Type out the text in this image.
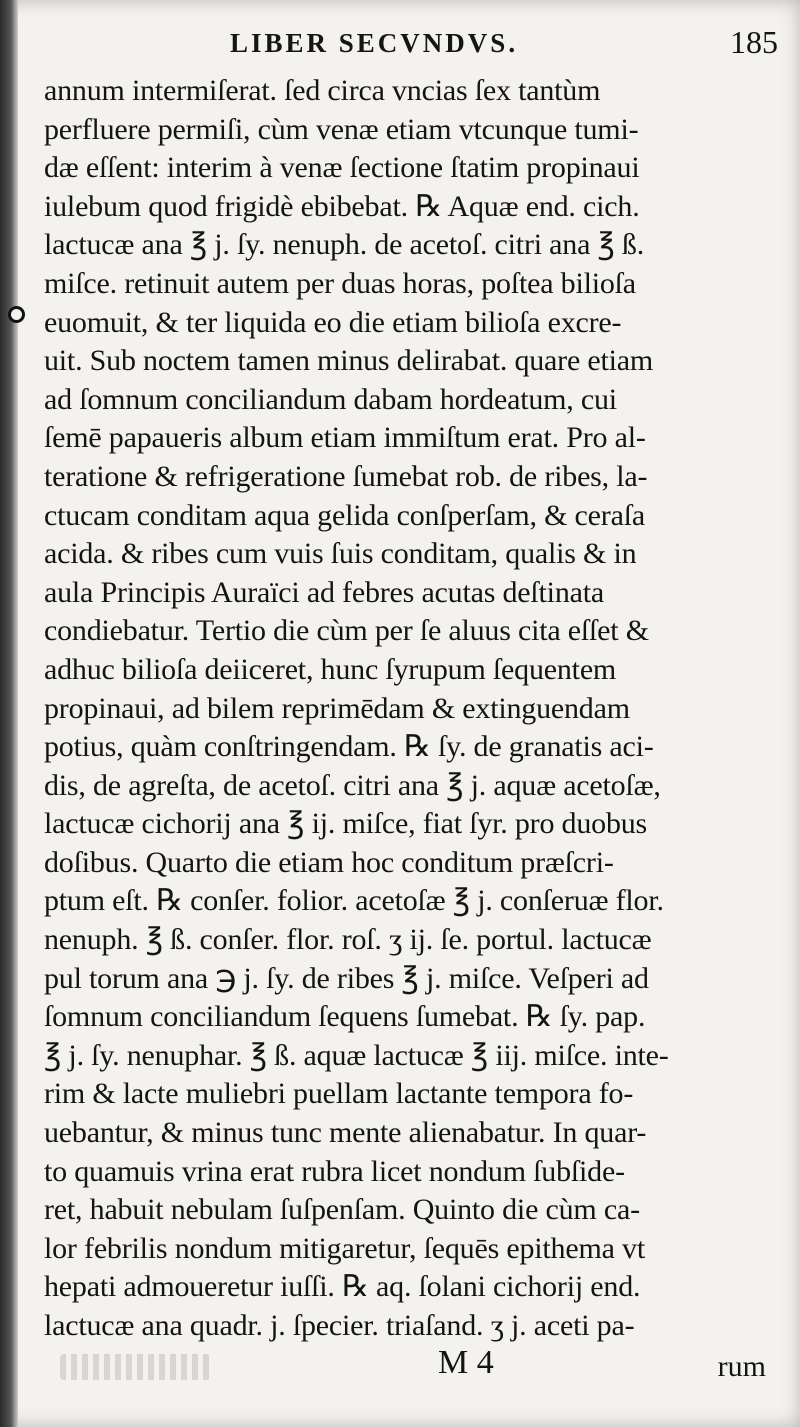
LIBER SECVNDVS.	185
annum intermiſerat. ſed circa vncias ſex tantùm
perfluere permiſi, cùm venæ etiam vtcunque tumi-
dæ eſſent: interim à venæ ſectione ſtatim propinaui
iulebum quod frigidè ebibebat. ℞ Aquæ end. cich.
lactucæ ana ℥ j. ſy. nenuph. de acetoſ. citri ana ℥ ß.
miſce. retinuit autem per duas horas, poſtea bilioſa
euomuit, & ter liquida eo die etiam bilioſa excre-
uit. Sub noctem tamen minus delirabat. quare etiam
ad ſomnum conciliandum dabam hordeatum, cui
ſemē papaueris album etiam immiſtum erat. Pro al-
teratione & refrigeratione ſumebat rob. de ribes, la-
ctucam conditam aqua gelida conſperſam, & ceraſa
acida. & ribes cum vuis ſuis conditam, qualis & in
aula Principis Auraïci ad febres acutas deſtinata
condiebatur. Tertio die cùm per ſe aluus cita eſſet &
adhuc bilioſa deiiceret, hunc ſyrupum ſequentem
propinaui, ad bilem reprimēdam & extinguendam
potius, quàm conſtringendam. ℞ ſy. de granatis aci-
dis, de agreſta, de acetoſ. citri ana ℥ j. aquæ acetoſæ,
lactucæ cichorij ana ℥ ij. miſce, fiat ſyr. pro duobus
doſibus. Quarto die etiam hoc conditum præſcri-
ptum eſt. ℞ conſer. folior. acetoſæ ℥ j. conſeruæ flor.
nenuph. ℥ ß. conſer. flor. roſ. ʒ ij. ſe. portul. lactucæ
pul torum ana ℈ j. ſy. de ribes ℥ j. miſce. Veſperi ad
ſomnum conciliandum ſequens ſumebat. ℞ ſy. pap.
℥ j. ſy. nenuphar. ℥ ß. aquæ lactucæ ℥ iij. miſce. inte-
rim & lacte muliebri puellam lactante tempora fo-
uebantur, & minus tunc mente alienabatur. In quar-
to quamuis vrina erat rubra licet nondum ſubſide-
ret, habuit nebulam ſuſpenſam. Quinto die cùm ca-
lor febrilis nondum mitigaretur, ſequēs epithema vt
hepati admoueretur iuſſi. ℞ aq. ſolani cichorij end.
lactucæ ana quadr. j. ſpecier. triaſand. ʒ j. aceti pa-
M 4	rum
